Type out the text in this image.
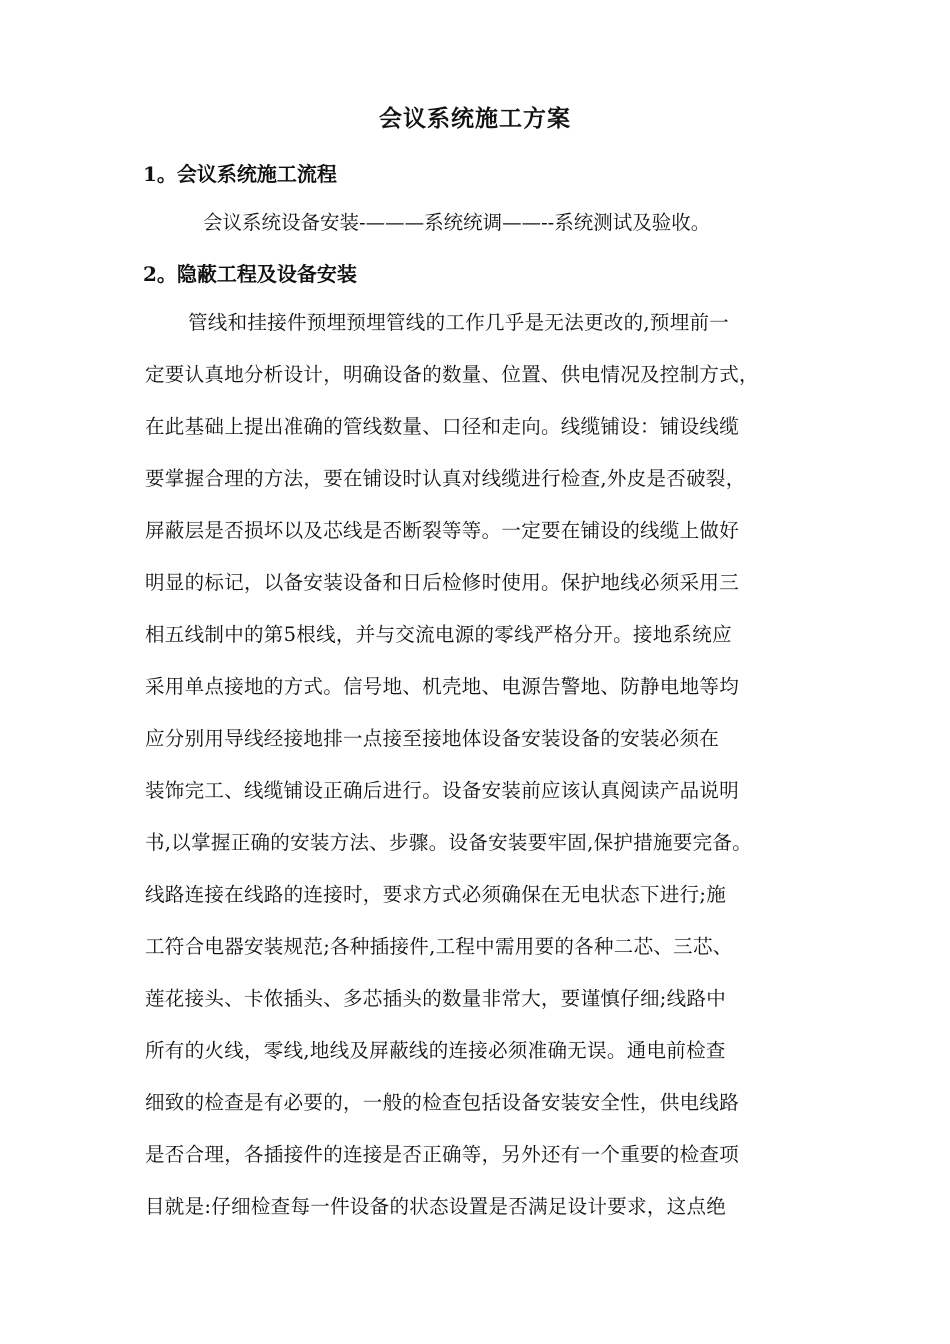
会议系统施工方案
1。会议系统施工流程
会议系统设备安装-———系统统调——--系统测试及验收。
2。隐蔽工程及设备安装
管线和挂接件预埋预埋管线的工作几乎是无法更改的,预埋前一
定要认真地分析设计，明确设备的数量、位置、供电情况及控制方式，
在此基础上提出准确的管线数量、口径和走向。线缆铺设：铺设线缆
要掌握合理的方法，要在铺设时认真对线缆进行检查,外皮是否破裂，
屏蔽层是否损坏以及芯线是否断裂等等。一定要在铺设的线缆上做好
明显的标记，以备安装设备和日后检修时使用。保护地线必须采用三
相五线制中的第5根线，并与交流电源的零线严格分开。接地系统应
采用单点接地的方式。信号地、机壳地、电源告警地、防静电地等均
应分别用导线经接地排一点接至接地体设备安装设备的安装必须在
装饰完工、线缆铺设正确后进行。设备安装前应该认真阅读产品说明
书,以掌握正确的安装方法、步骤。设备安装要牢固,保护措施要完备。
线路连接在线路的连接时，要求方式必须确保在无电状态下进行;施
工符合电器安装规范;各种插接件,工程中需用要的各种二芯、三芯、
莲花接头、卡侬插头、多芯插头的数量非常大，要谨慎仔细;线路中
所有的火线，零线,地线及屏蔽线的连接必须准确无误。通电前检查
细致的检查是有必要的，一般的检查包括设备安装安全性，供电线路
是否合理，各插接件的连接是否正确等，另外还有一个重要的检查项
目就是:仔细检查每一件设备的状态设置是否满足设计要求，这点绝
